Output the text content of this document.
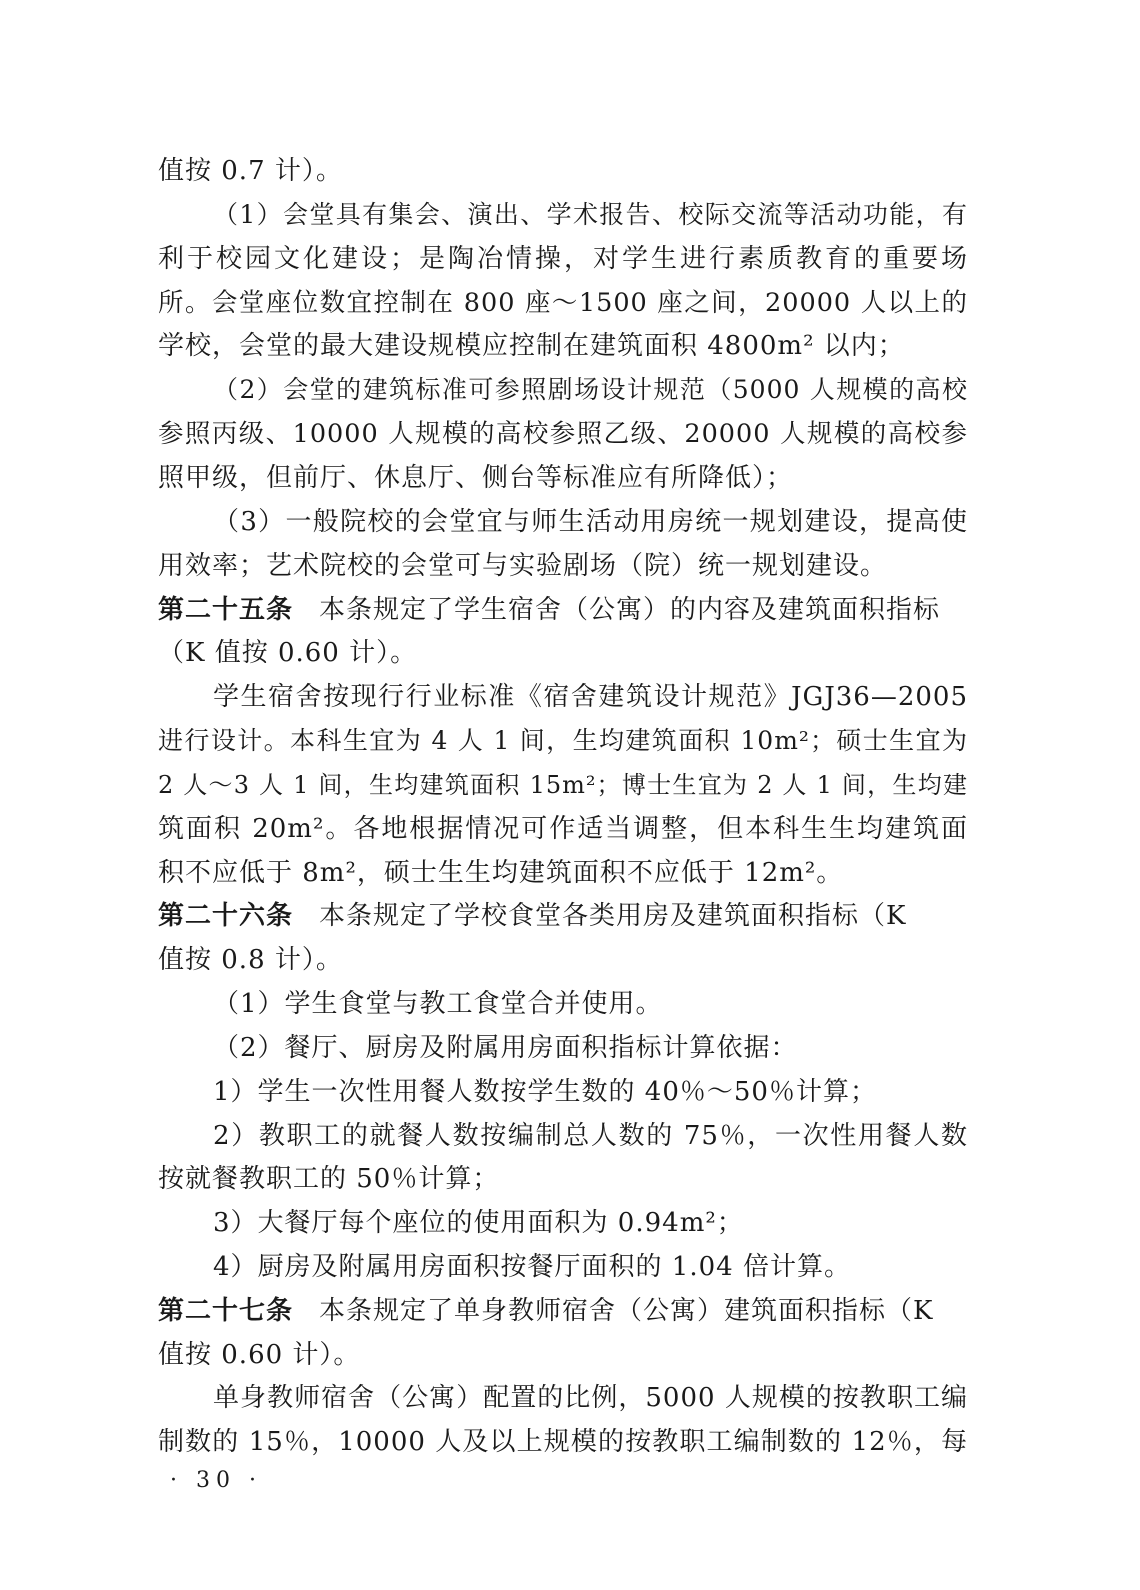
值按 0.7 计）。
（1）会堂具有集会、演出、学术报告、校际交流等活动功能，有
利于校园文化建设；是陶冶情操，对学生进行素质教育的重要场
所。会堂座位数宜控制在 800 座～1500 座之间，20000 人以上的
学校，会堂的最大建设规模应控制在建筑面积 4800m² 以内；
（2）会堂的建筑标准可参照剧场设计规范（5000 人规模的高校
参照丙级、10000 人规模的高校参照乙级、20000 人规模的高校参
照甲级，但前厅、休息厅、侧台等标准应有所降低）；
（3）一般院校的会堂宜与师生活动用房统一规划建设，提高使
用效率；艺术院校的会堂可与实验剧场（院）统一规划建设。
第二十五条 本条规定了学生宿舍（公寓）的内容及建筑面积指标
（K 值按 0.60 计）。
学生宿舍按现行行业标准《宿舍建筑设计规范》JGJ36—2005
进行设计。本科生宜为 4 人 1 间，生均建筑面积 10m²；硕士生宜为
2 人～3 人 1 间，生均建筑面积 15m²；博士生宜为 2 人 1 间，生均建
筑面积 20m²。各地根据情况可作适当调整，但本科生生均建筑面
积不应低于 8m²，硕士生生均建筑面积不应低于 12m²。
第二十六条 本条规定了学校食堂各类用房及建筑面积指标（K
值按 0.8 计）。
（1）学生食堂与教工食堂合并使用。
（2）餐厅、厨房及附属用房面积指标计算依据：
1）学生一次性用餐人数按学生数的 40％～50％计算；
2）教职工的就餐人数按编制总人数的 75％，一次性用餐人数
按就餐教职工的 50％计算；
3）大餐厅每个座位的使用面积为 0.94m²；
4）厨房及附属用房面积按餐厅面积的 1.04 倍计算。
第二十七条 本条规定了单身教师宿舍（公寓）建筑面积指标（K
值按 0.60 计）。
单身教师宿舍（公寓）配置的比例，5000 人规模的按教职工编
制数的 15％，10000 人及以上规模的按教职工编制数的 12％，每
· 30 ·
